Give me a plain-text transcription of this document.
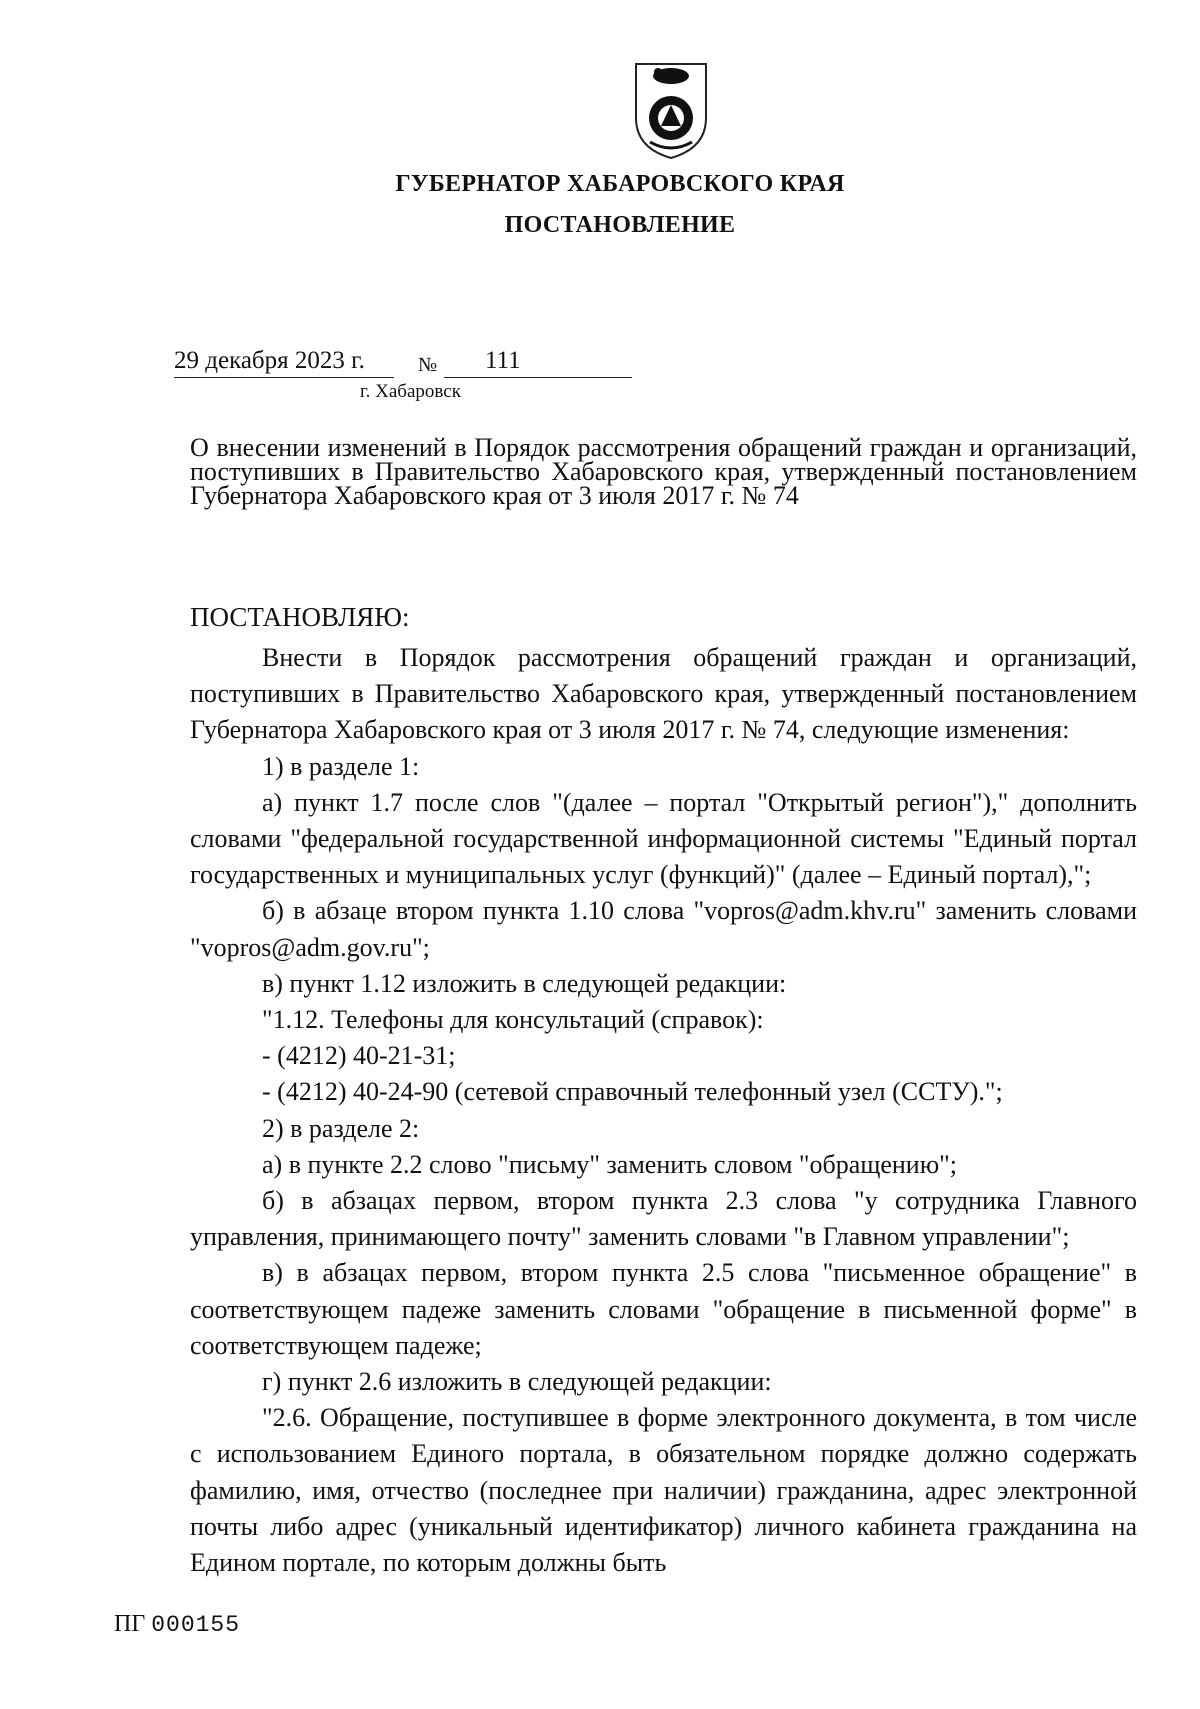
ГУБЕРНАТОР ХАБАРОВСКОГО КРАЯ
ПОСТАНОВЛЕНИЕ
29 декабря 2023 г.	№ 111
г. Хабаровск
О внесении изменений в Порядок рассмотрения обращений граждан и организаций, поступивших в Правительство Хабаровского края, утвержденный постановлением Губернатора Хабаровского края от 3 июля 2017 г. № 74
ПОСТАНОВЛЯЮ:

Внести в Порядок рассмотрения обращений граждан и организаций, поступивших в Правительство Хабаровского края, утвержденный постановлением Губернатора Хабаровского края от 3 июля 2017 г. № 74, следующие изменения:

1) в разделе 1:

а) пункт 1.7 после слов "(далее – портал "Открытый регион")," дополнить словами "федеральной государственной информационной системы "Единый портал государственных и муниципальных услуг (функций)" (далее – Единый портал),";

б) в абзаце втором пункта 1.10 слова "vopros@adm.khv.ru" заменить словами "vopros@adm.gov.ru";

в) пункт 1.12 изложить в следующей редакции:

"1.12. Телефоны для консультаций (справок):

- (4212) 40-21-31;

- (4212) 40-24-90 (сетевой справочный телефонный узел (ССТУ).";

2) в разделе 2:

а) в пункте 2.2 слово "письму" заменить словом "обращению";

б) в абзацах первом, втором пункта 2.3 слова "у сотрудника Главного управления, принимающего почту" заменить словами "в Главном управлении";

в) в абзацах первом, втором пункта 2.5 слова "письменное обращение" в соответствующем падеже заменить словами "обращение в письменной форме" в соответствующем падеже;

г) пункт 2.6 изложить в следующей редакции:

"2.6. Обращение, поступившее в форме электронного документа, в том числе с использованием Единого портала, в обязательном порядке должно содержать фамилию, имя, отчество (последнее при наличии) гражданина, адрес электронной почты либо адрес (уникальный идентификатор) личного кабинета гражданина на Едином портале, по которым должны быть

ПГ 000155
